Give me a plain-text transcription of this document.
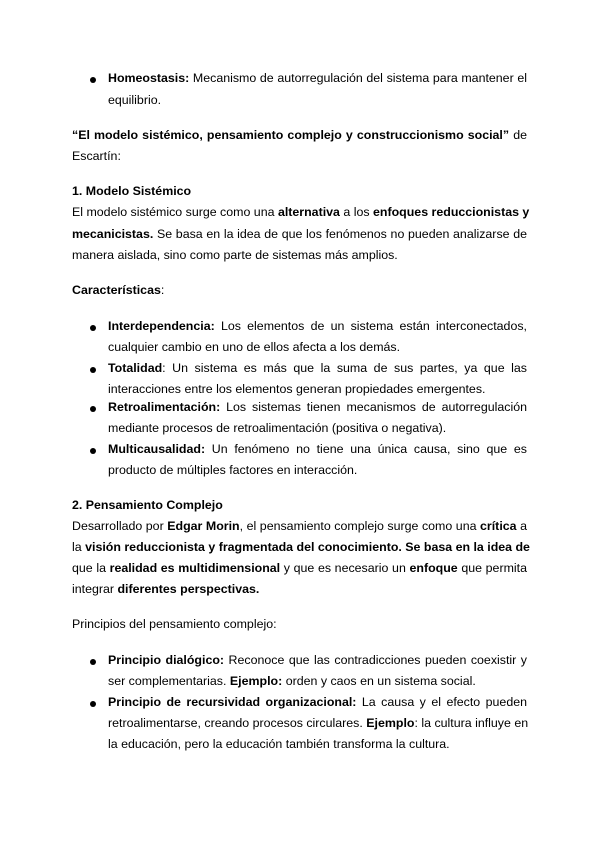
Homeostasis: Mecanismo de autorregulación del sistema para mantener el
equilibrio.
“El modelo sistémico, pensamiento complejo y construccionismo social” de
Escartín:
1. Modelo Sistémico
El modelo sistémico surge como una alternativa a los enfoques reduccionistas y
mecanicistas. Se basa en la idea de que los fenómenos no pueden analizarse de
manera aislada, sino como parte de sistemas más amplios.
Características:
Interdependencia: Los elementos de un sistema están interconectados,
cualquier cambio en uno de ellos afecta a los demás.
Totalidad: Un sistema es más que la suma de sus partes, ya que las
interacciones entre los elementos generan propiedades emergentes.
Retroalimentación: Los sistemas tienen mecanismos de autorregulación
mediante procesos de retroalimentación (positiva o negativa).
Multicausalidad: Un fenómeno no tiene una única causa, sino que es
producto de múltiples factores en interacción.
2. Pensamiento Complejo
Desarrollado por Edgar Morin, el pensamiento complejo surge como una crítica a
la visión reduccionista y fragmentada del conocimiento. Se basa en la idea de
que la realidad es multidimensional y que es necesario un enfoque que permita
integrar diferentes perspectivas.
Principios del pensamiento complejo:
Principio dialógico: Reconoce que las contradicciones pueden coexistir y
ser complementarias. Ejemplo: orden y caos en un sistema social.
Principio de recursividad organizacional: La causa y el efecto pueden
retroalimentarse, creando procesos circulares. Ejemplo: la cultura influye en
la educación, pero la educación también transforma la cultura.
